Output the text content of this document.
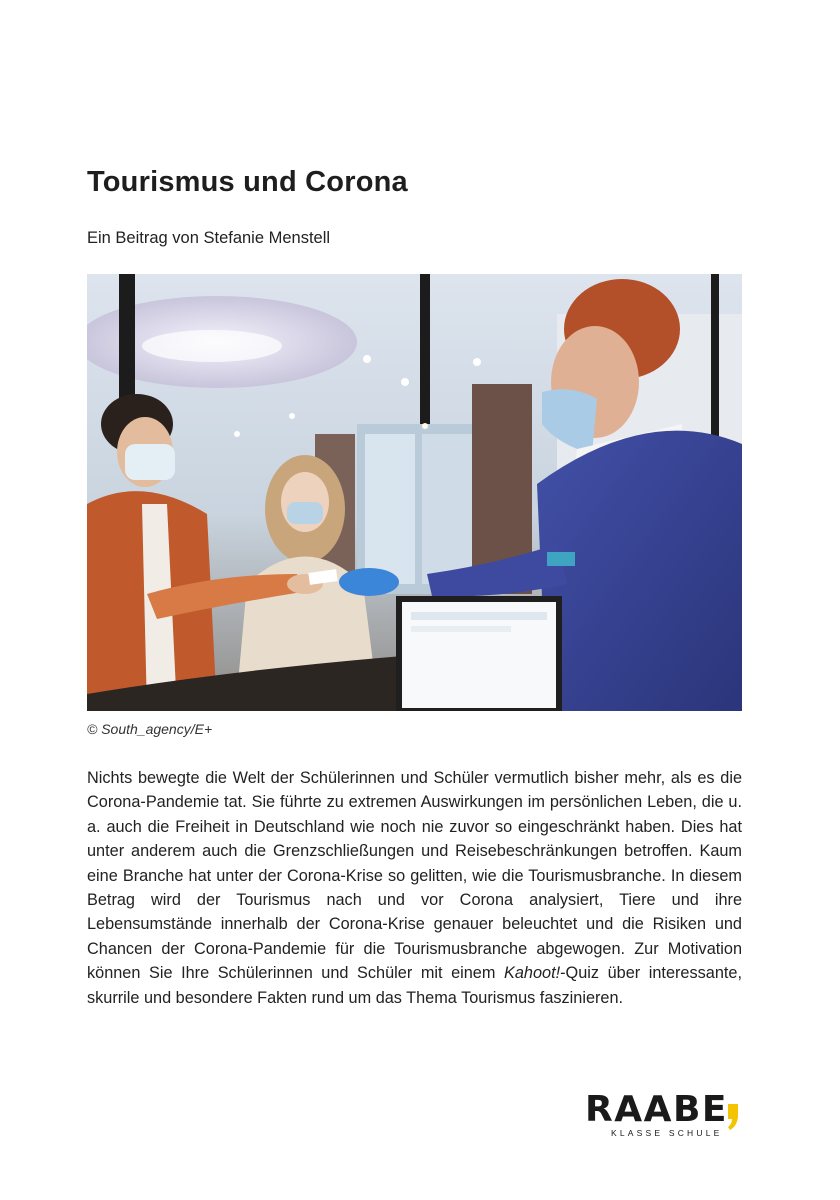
Tourismus und Corona
Ein Beitrag von Stefanie Menstell
© South_agency/E+

Nichts bewegte die Welt der Schülerinnen und Schüler vermutlich bisher mehr, als es die Corona-Pandemie tat. Sie führte zu extremen Auswirkungen im persönlichen Leben, die u. a. auch die Freiheit in Deutschland wie noch nie zuvor so eingeschränkt haben. Dies hat unter anderem auch die Grenzschließungen und Reisebeschränkungen betroffen. Kaum eine Branche hat unter der Corona-Krise so gelitten, wie die Tourismusbranche. In diesem Betrag wird der Tourismus nach und vor Corona analysiert, Tiere und ihre Lebensumstände innerhalb der Corona-Krise genauer beleuchtet und die Risiken und Chancen der Corona-Pandemie für die Tourismusbranche abgewogen. Zur Motivation können Sie Ihre Schülerinnen und Schüler mit einem Kahoot!-Quiz über interessante, skurrile und besondere Fakten rund um das Thema Tourismus faszinieren.

RAABE
KLASSE SCHULE
